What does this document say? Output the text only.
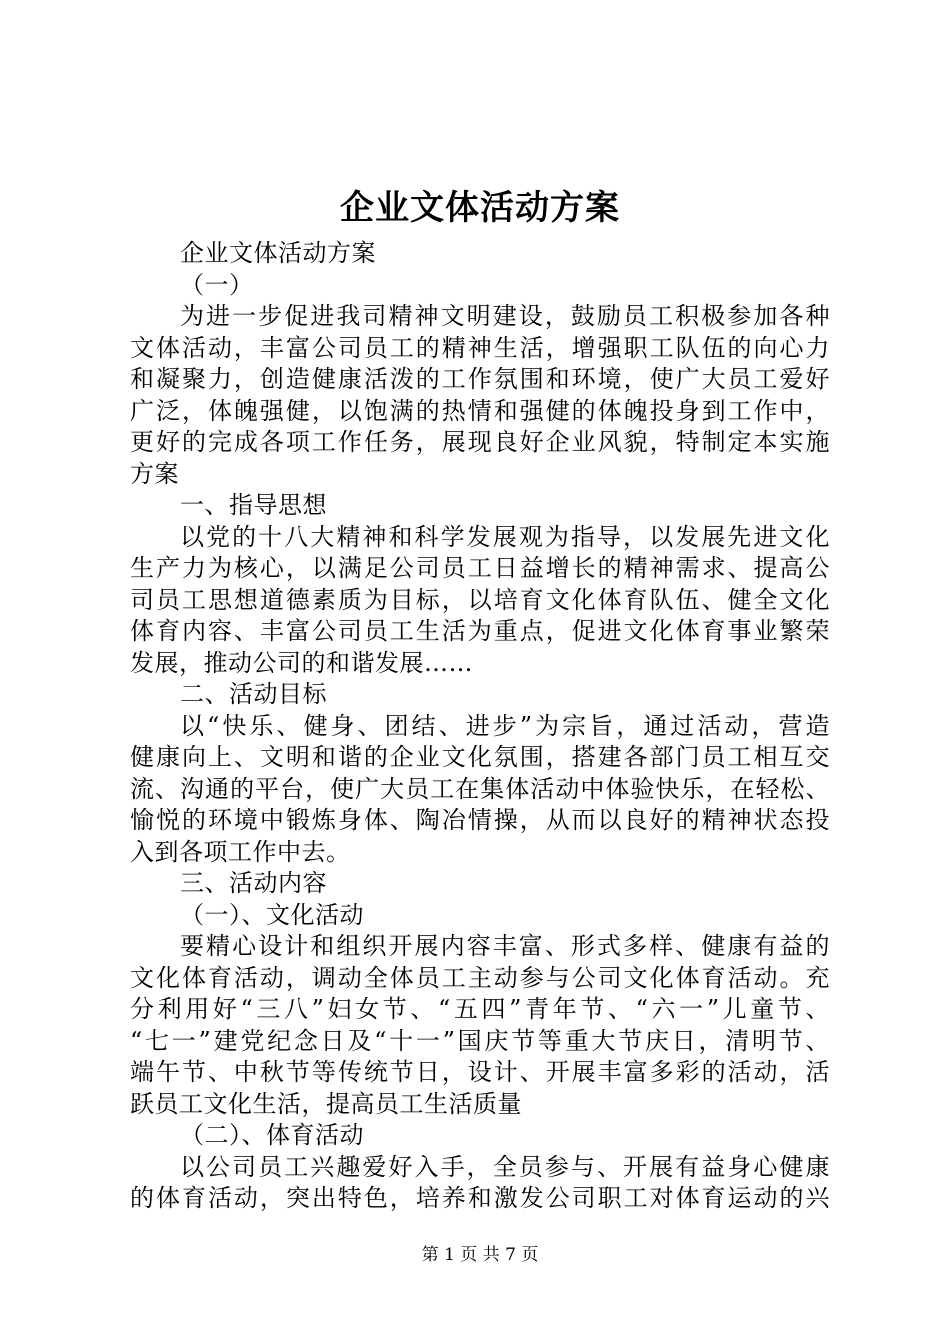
企业文体活动方案
企业文体活动方案
（一）
为进一步促进我司精神文明建设，鼓励员工积极参加各种
文体活动，丰富公司员工的精神生活，增强职工队伍的向心力
和凝聚力，创造健康活泼的工作氛围和环境，使广大员工爱好
广泛，体魄强健，以饱满的热情和强健的体魄投身到工作中，
更好的完成各项工作任务，展现良好企业风貌，特制定本实施
方案
一、指导思想
以党的十八大精神和科学发展观为指导，以发展先进文化
生产力为核心，以满足公司员工日益增长的精神需求、提高公
司员工思想道德素质为目标，以培育文化体育队伍、健全文化
体育内容、丰富公司员工生活为重点，促进文化体育事业繁荣
发展，推动公司的和谐发展……
二、活动目标
以“快乐、健身、团结、进步”为宗旨，通过活动，营造
健康向上、文明和谐的企业文化氛围，搭建各部门员工相互交
流、沟通的平台，使广大员工在集体活动中体验快乐，在轻松、
愉悦的环境中锻炼身体、陶冶情操，从而以良好的精神状态投
入到各项工作中去。
三、活动内容
（一）、文化活动
要精心设计和组织开展内容丰富、形式多样、健康有益的
文化体育活动，调动全体员工主动参与公司文化体育活动。充
分利用好“三八”妇女节、“五四”青年节、“六一”儿童节、
“七一”建党纪念日及“十一”国庆节等重大节庆日，清明节、
端午节、中秋节等传统节日，设计、开展丰富多彩的活动，活
跃员工文化生活，提高员工生活质量
（二）、体育活动
以公司员工兴趣爱好入手，全员参与、开展有益身心健康
的体育活动，突出特色，培养和激发公司职工对体育运动的兴
第 1 页 共 7 页
